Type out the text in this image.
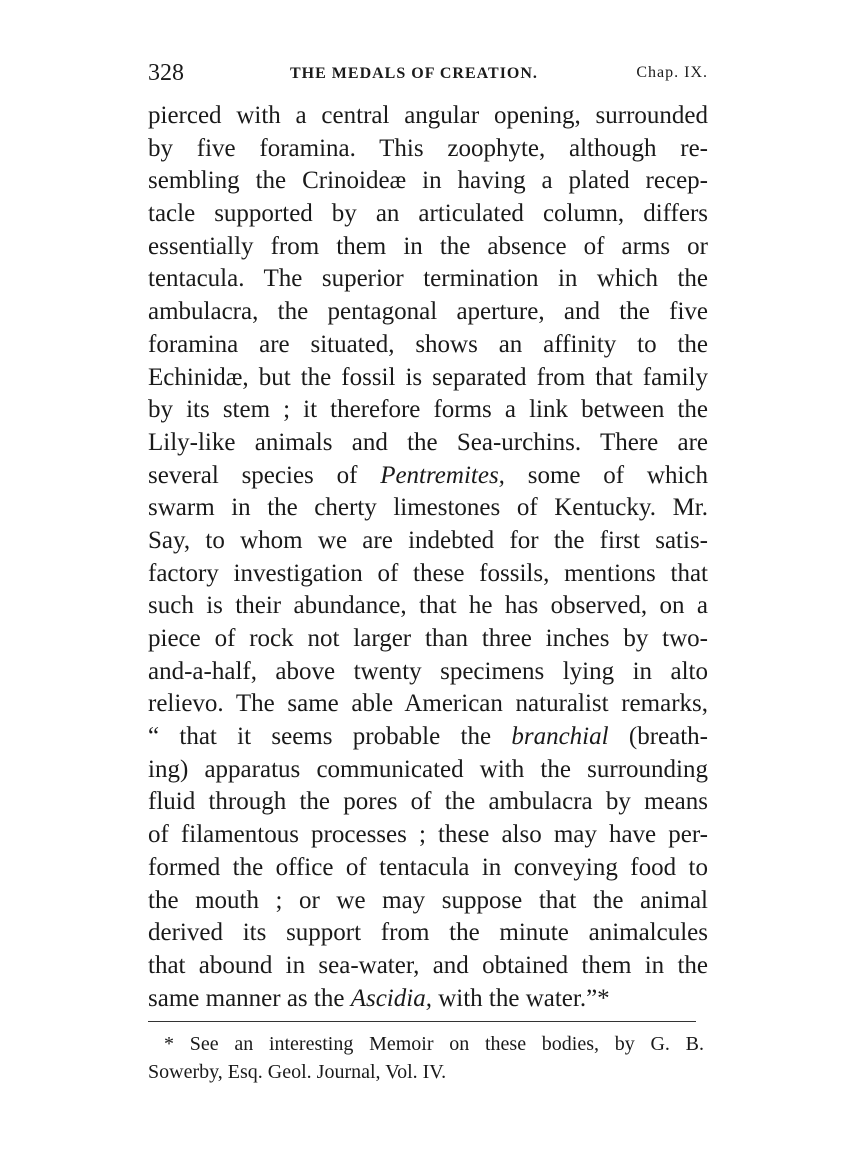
328	THE MEDALS OF CREATION.	Chap. IX.
pierced with a central angular opening, surrounded
by five foramina. This zoophyte, although re-
sembling the Crinoideæ in having a plated recep-
tacle supported by an articulated column, differs
essentially from them in the absence of arms or
tentacula. The superior termination in which the
ambulacra, the pentagonal aperture, and the five
foramina are situated, shows an affinity to the
Echinidæ, but the fossil is separated from that family
by its stem ; it therefore forms a link between the
Lily-like animals and the Sea-urchins. There are
several species of Pentremites, some of which
swarm in the cherty limestones of Kentucky. Mr.
Say, to whom we are indebted for the first satis-
factory investigation of these fossils, mentions that
such is their abundance, that he has observed, on a
piece of rock not larger than three inches by two-
and-a-half, above twenty specimens lying in alto
relievo. The same able American naturalist remarks,
“ that it seems probable the branchial (breath-
ing) apparatus communicated with the surrounding
fluid through the pores of the ambulacra by means
of filamentous processes ; these also may have per-
formed the office of tentacula in conveying food to
the mouth ; or we may suppose that the animal
derived its support from the minute animalcules
that abound in sea-water, and obtained them in the
same manner as the Ascidia, with the water.”*
* See an interesting Memoir on these bodies, by G. B.
Sowerby, Esq. Geol. Journal, Vol. IV.
